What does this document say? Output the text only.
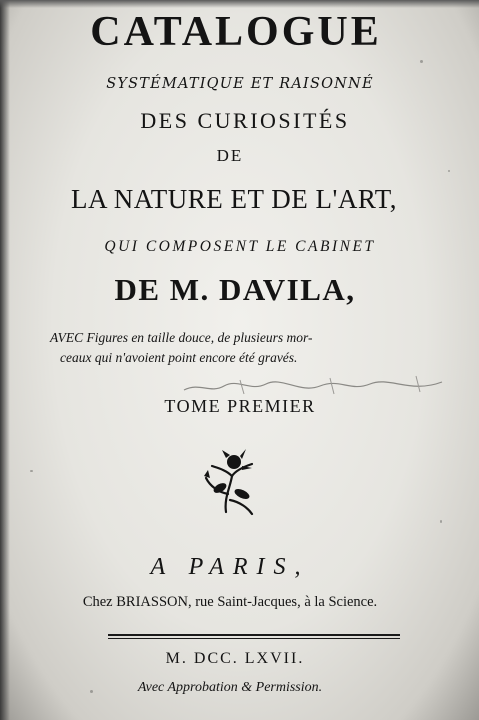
CATALOGUE
SYSTÉMATIQUE ET RAISONNÉ
DES CURIOSITÉS
DE
LA NATURE ET DE L'ART,
QUI COMPOSENT LE CABINET
DE M. DAVILA,
AVEC Figures en taille douce, de plusieurs mor-
ceaux qui n'avoient point encore été gravés.
TOME PREMIER
A PARIS,
Chez BRIASSON, rue Saint-Jacques, à la Science.
M. DCC. LXVII.
Avec Approbation & Permission.
